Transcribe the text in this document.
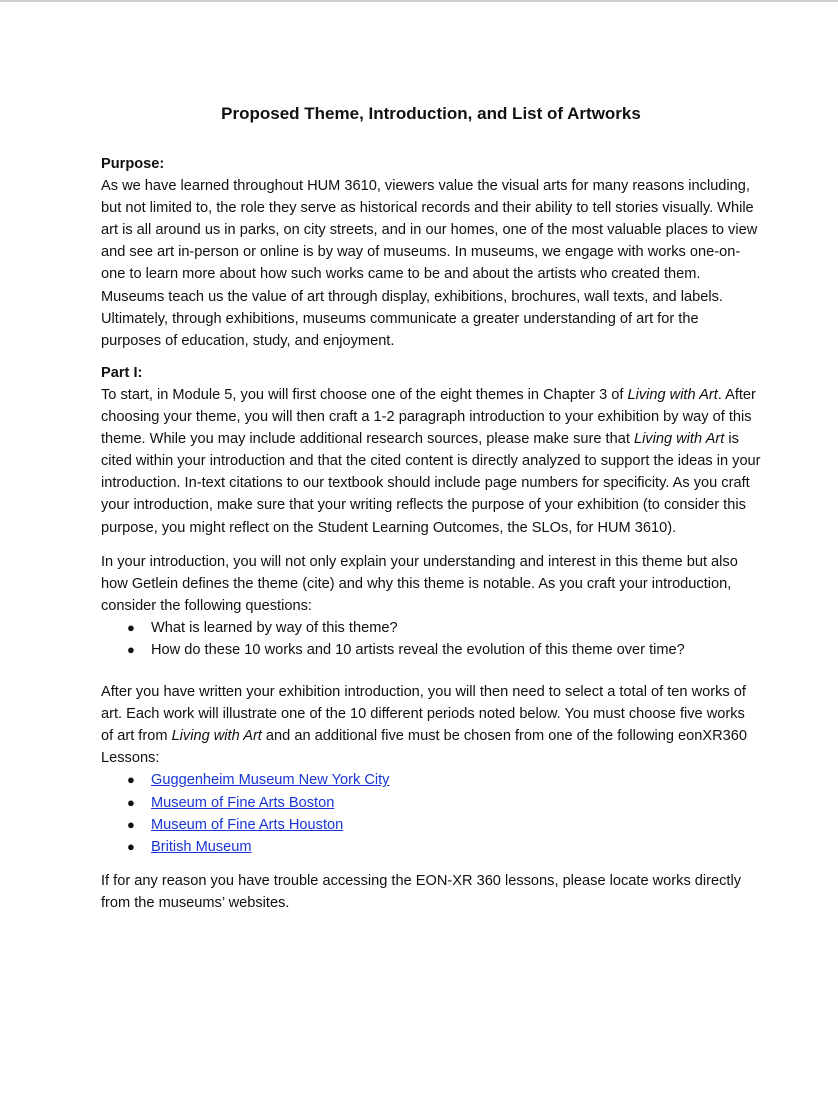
Proposed Theme, Introduction, and List of Artworks

Purpose:

As we have learned throughout HUM 3610, viewers value the visual arts for many reasons including, but not limited to, the role they serve as historical records and their ability to tell stories visually. While art is all around us in parks, on city streets, and in our homes, one of the most valuable places to view and see art in-person or online is by way of museums. In museums, we engage with works one-on-one to learn more about how such works came to be and about the artists who created them. Museums teach us the value of art through display, exhibitions, brochures, wall texts, and labels. Ultimately, through exhibitions, museums communicate a greater understanding of art for the purposes of education, study, and enjoyment.

Part I:

To start, in Module 5, you will first choose one of the eight themes in Chapter 3 of Living with Art. After choosing your theme, you will then craft a 1-2 paragraph introduction to your exhibition by way of this theme. While you may include additional research sources, please make sure that Living with Art is cited within your introduction and that the cited content is directly analyzed to support the ideas in your introduction. In-text citations to our textbook should include page numbers for specificity. As you craft your introduction, make sure that your writing reflects the purpose of your exhibition (to consider this purpose, you might reflect on the Student Learning Outcomes, the SLOs, for HUM 3610).

In your introduction, you will not only explain your understanding and interest in this theme but also how Getlein defines the theme (cite) and why this theme is notable. As you craft your introduction, consider the following questions:

● What is learned by way of this theme?
● How do these 10 works and 10 artists reveal the evolution of this theme over time?

After you have written your exhibition introduction, you will then need to select a total of ten works of art. Each work will illustrate one of the 10 different periods noted below. You must choose five works of art from Living with Art and an additional five must be chosen from one of the following eonXR360 Lessons:

● Guggenheim Museum New York City
● Museum of Fine Arts Boston
● Museum of Fine Arts Houston
● British Museum

If for any reason you have trouble accessing the EON-XR 360 lessons, please locate works directly from the museums’ websites.
